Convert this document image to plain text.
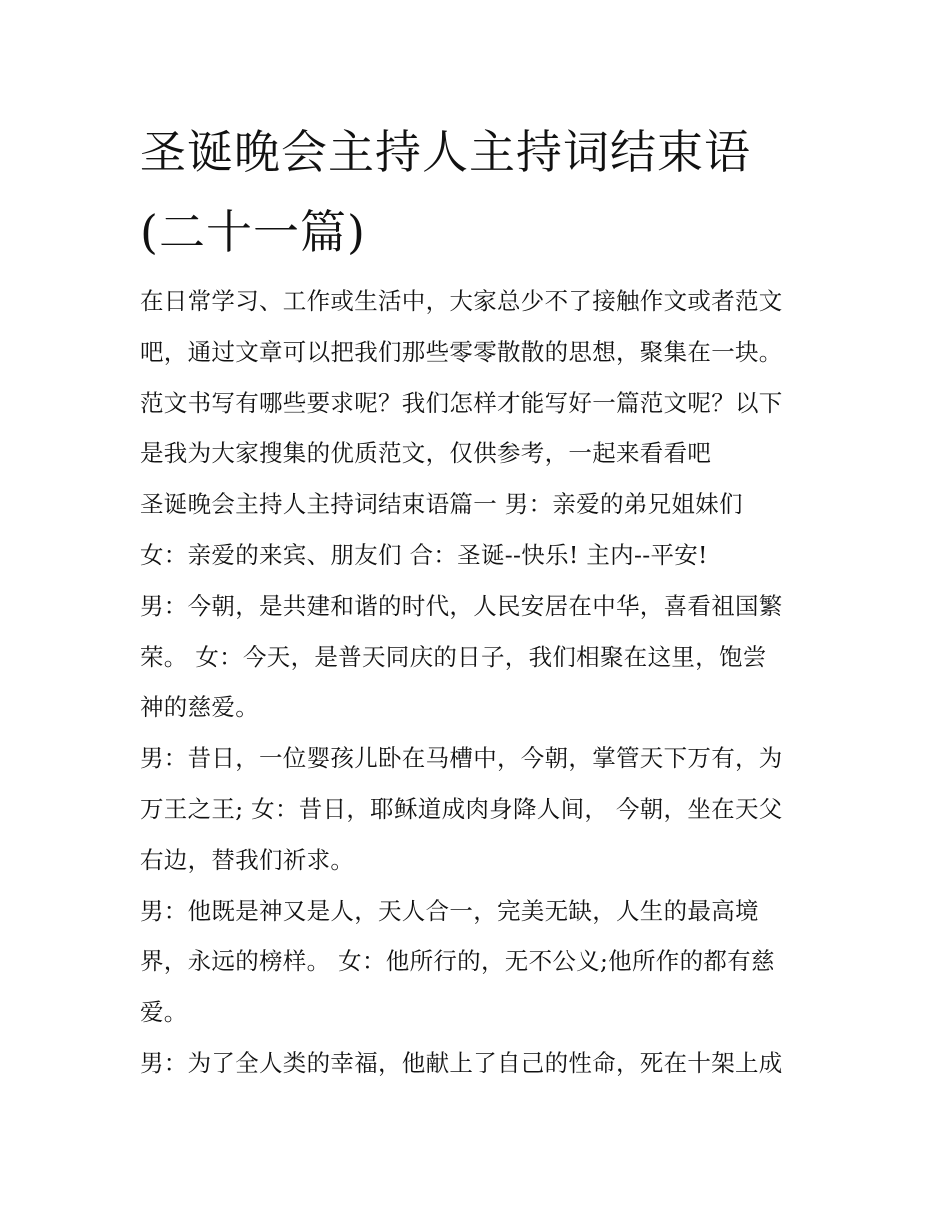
圣诞晚会主持人主持词结束语
(二十一篇)
在日常学习、工作或生活中，大家总少不了接触作文或者范文
吧，通过文章可以把我们那些零零散散的思想，聚集在一块。
范文书写有哪些要求呢？我们怎样才能写好一篇范文呢？以下
是我为大家搜集的优质范文，仅供参考，一起来看看吧
圣诞晚会主持人主持词结束语篇一 男：亲爱的弟兄姐妹们
女：亲爱的来宾、朋友们 合：圣诞--快乐! 主内--平安!
男：今朝，是共建和谐的时代，人民安居在中华，喜看祖国繁
荣。 女：今天，是普天同庆的日子，我们相聚在这里，饱尝
神的慈爱。
男：昔日，一位婴孩儿卧在马槽中，今朝，掌管天下万有，为
万王之王; 女：昔日，耶稣道成肉身降人间， 今朝，坐在天父
右边，替我们祈求。
男：他既是神又是人，天人合一，完美无缺，人生的最高境
界，永远的榜样。 女：他所行的，无不公义;他所作的都有慈
爱。
男：为了全人类的幸福，他献上了自己的性命，死在十架上成
